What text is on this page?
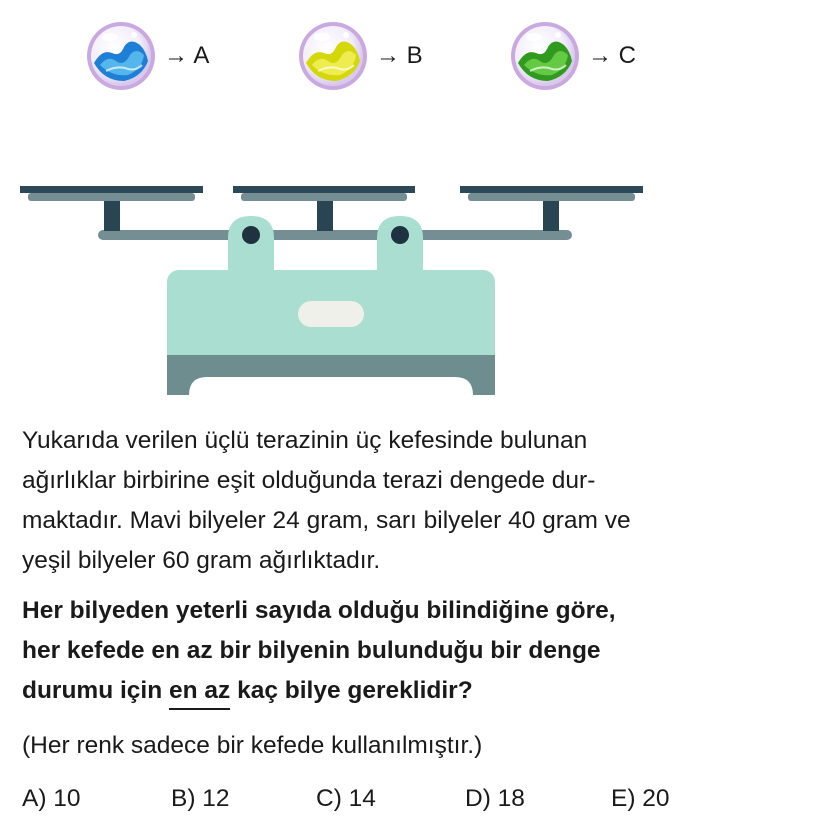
→ A	→ B	→ C

Yukarıda verilen üçlü terazinin üç kefesinde bulunan

ağırlıklar birbirine eşit olduğunda terazi dengede dur-

maktadır. Mavi bilyeler 24 gram, sarı bilyeler 40 gram ve

yeşil bilyeler 60 gram ağırlıktadır.

Her bilyeden yeterli sayıda olduğu bilindiğine göre,

her kefede en az bir bilyenin bulunduğu bir denge

durumu için en az kaç bilye gereklidir?

(Her renk sadece bir kefede kullanılmıştır.)
A) 10	B) 12	C) 14	D) 18	E) 20
